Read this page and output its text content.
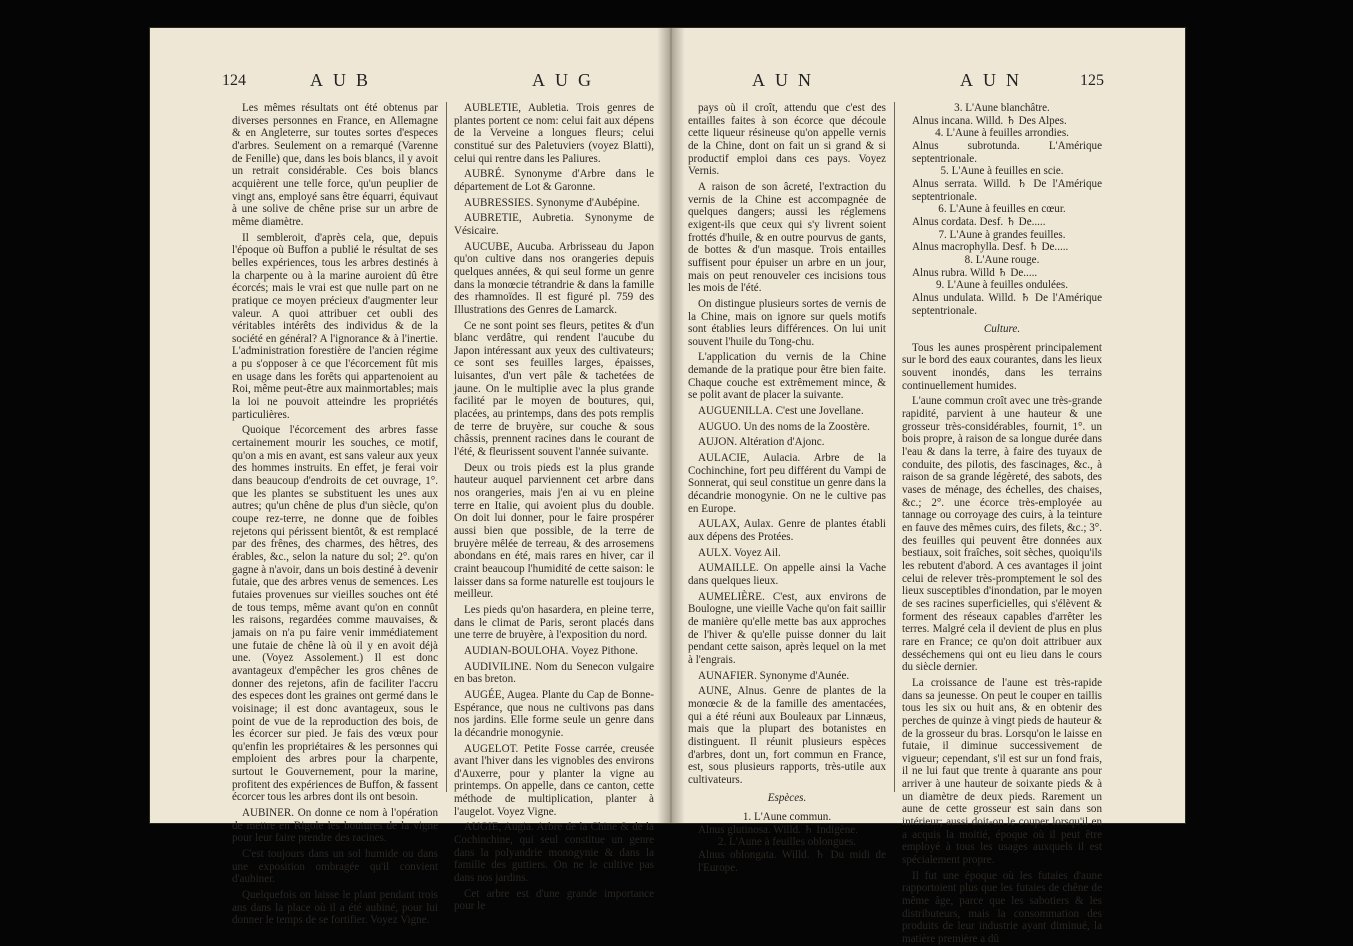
124	AUB	AUG

Les mêmes résultats ont été obtenus par diverses personnes en France, en Allemagne & en Angleterre, sur toutes sortes d'especes d'arbres. Seulement on a remarqué (Varenne de Fenille) que, dans les bois blancs, il y avoit un retrait considérable. Ces bois blancs acquièrent une telle force, qu'un peuplier de vingt ans, employé sans être équarri, équivaut à une solive de chêne prise sur un arbre de même diamètre.

Il sembleroit, d'après cela, que, depuis l'époque où Buffon a publié le résultat de ses belles expériences, tous les arbres destinés à la charpente ou à la marine auroient dû être écorcés; mais le vrai est que nulle part on ne pratique ce moyen précieux d'augmenter leur valeur. A quoi attribuer cet oubli des véritables intérêts des individus & de la société en général? A l'ignorance & à l'inertie. L'administration forestière de l'ancien régime a pu s'opposer à ce que l'écorcement fût mis en usage dans les forêts qui appartenoient au Roi, même peut-être aux mainmortables; mais la loi ne pouvoit atteindre les propriétés particulières.

Quoique l'écorcement des arbres fasse certainement mourir les souches, ce motif, qu'on a mis en avant, est sans valeur aux yeux des hommes instruits. En effet, je ferai voir dans beaucoup d'endroits de cet ouvrage, 1°. que les plantes se substituent les unes aux autres; qu'un chêne de plus d'un siècle, qu'on coupe rez-terre, ne donne que de foibles rejetons qui périssent bientôt, & est remplacé par des frênes, des charmes, des hêtres, des érables, &c., selon la nature du sol; 2°. qu'on gagne à n'avoir, dans un bois destiné à devenir futaie, que des arbres venus de semences. Les futaies provenues sur vieilles souches ont été de tous temps, même avant qu'on en connût les raisons, regardées comme mauvaises, & jamais on n'a pu faire venir immédiatement une futaie de chêne là où il y en avoit déjà une. (Voyez Assolement.) Il est donc avantageux d'empêcher les gros chênes de donner des rejetons, afin de faciliter l'accru des especes dont les graines ont germé dans le voisinage; il est donc avantageux, sous le point de vue de la reproduction des bois, de les écorcer sur pied. Je fais des vœux pour qu'enfin les propriétaires & les personnes qui emploient des arbres pour la charpente, surtout le Gouvernement, pour la marine, profitent des expériences de Buffon, & fassent écorcer tous les arbres dont ils ont besoin.

AUBINER. On donne ce nom à l'opération de mettre en Rigole les boutures de la vigne pour leur faire prendre des racines.

C'est toujours dans un sol humide ou dans une exposition ombragée qu'il convient d'aubiner.

Quelquefois on laisse le plant pendant trois ans dans la place où il a été aubiné, pour lui donner le temps de se fortifier. Voyez Vigne.

AUBLETIE, Aubletia. Trois genres de plantes portent ce nom: celui fait aux dépens de la Verveine a longues fleurs; celui constitué sur des Paletuviers (voyez Blatti), celui qui rentre dans les Paliures.

AUBRÉ. Synonyme d'Arbre dans le département de Lot & Garonne.

AUBRESSIES. Synonyme d'Aubépine.

AUBRETIE, Aubretia. Synonyme de Vésicaire.

AUCUBE, Aucuba. Arbrisseau du Japon qu'on cultive dans nos orangeries depuis quelques années, & qui seul forme un genre dans la monœcie tétrandrie & dans la famille des rhamnoïdes. Il est figuré pl. 759 des Illustrations des Genres de Lamarck.

Ce ne sont point ses fleurs, petites & d'un blanc verdâtre, qui rendent l'aucube du Japon intéressant aux yeux des cultivateurs; ce sont ses feuilles larges, épaisses, luisantes, d'un vert pâle & tachetées de jaune. On le multiplie avec la plus grande facilité par le moyen de boutures, qui, placées, au printemps, dans des pots remplis de terre de bruyère, sur couche & sous châssis, prennent racines dans le courant de l'été, & fleurissent souvent l'année suivante.

Deux ou trois pieds est la plus grande hauteur auquel parviennent cet arbre dans nos orangeries, mais j'en ai vu en pleine terre en Italie, qui avoient plus du double. On doit lui donner, pour le faire prospérer aussi bien que possible, de la terre de bruyère mêlée de terreau, & des arrosemens abondans en été, mais rares en hiver, car il craint beaucoup l'humidité de cette saison: le laisser dans sa forme naturelle est toujours le meilleur.

Les pieds qu'on hasardera, en pleine terre, dans le climat de Paris, seront placés dans une terre de bruyère, à l'exposition du nord.

AUDIAN-BOULOHA. Voyez Pithone.

AUDIVILINE. Nom du Senecon vulgaire en bas breton.

AUGÉE, Augea. Plante du Cap de Bonne-Espérance, que nous ne cultivons pas dans nos jardins. Elle forme seule un genre dans la décandrie monogynie.

AUGELOT. Petite Fosse carrée, creusée avant l'hiver dans les vignobles des environs d'Auxerre, pour y planter la vigne au printemps. On appelle, dans ce canton, cette méthode de multiplication, planter à l'augelot. Voyez Vigne.

AUGIE, Augia. Arbre de la Chine & de la Cochinchine, qui seul constitue un genre dans la polyandrie monogynie & dans la famille des guttiers. On ne le cultive pas dans nos jardins.

Cet arbre est d'une grande importance pour le

AUN	AUN	125

pays où il croît, attendu que c'est des entailles faites à son écorce que découle cette liqueur résineuse qu'on appelle vernis de la Chine, dont on fait un si grand & si productif emploi dans ces pays. Voyez Vernis.

A raison de son âcreté, l'extraction du vernis de la Chine est accompagnée de quelques dangers; aussi les réglemens exigent-ils que ceux qui s'y livrent soient frottés d'huile, & en outre pourvus de gants, de bottes & d'un masque. Trois entailles suffisent pour épuiser un arbre en un jour, mais on peut renouveler ces incisions tous les mois de l'été.

On distingue plusieurs sortes de vernis de la Chine, mais on ignore sur quels motifs sont établies leurs différences. On lui unit souvent l'huile du Tong-chu.

L'application du vernis de la Chine demande de la pratique pour être bien faite. Chaque couche est extrêmement mince, & se polit avant de placer la suivante.

AUGUENILLA. C'est une Jovellane.

AUGUO. Un des noms de la Zoostère.

AUJON. Altération d'Ajonc.

AULACIE, Aulacia. Arbre de la Cochinchine, fort peu différent du Vampi de Sonnerat, qui seul constitue un genre dans la décandrie monogynie. On ne le cultive pas en Europe.

AULAX, Aulax. Genre de plantes établi aux dépens des Protées.

AULX. Voyez Ail.

AUMAILLE. On appelle ainsi la Vache dans quelques lieux.

AUMELIÈRE. C'est, aux environs de Boulogne, une vieille Vache qu'on fait saillir de manière qu'elle mette bas aux approches de l'hiver & qu'elle puisse donner du lait pendant cette saison, après lequel on la met à l'engrais.

AUNAFIER. Synonyme d'Aunée.

AUNE, Alnus. Genre de plantes de la monœcie & de la famille des amentacées, qui a été réuni aux Bouleaux par Linnæus, mais que la plupart des botanistes en distinguent. Il réunit plusieurs espèces d'arbres, dont un, fort commun en France, est, sous plusieurs rapports, très-utile aux cultivateurs.

Espèces.

1. L'Aune commun.

Alnus glutinosa. Willd. ♄ Indigène.

2. L'Aune à feuilles oblongues.

Alnus oblongata. Willd. ♄ Du midi de l'Europe.

3. L'Aune blanchâtre.

Alnus incana. Willd. ♄ Des Alpes.

4. L'Aune à feuilles arrondies.

Alnus subrotunda. L'Amérique septentrionale.

5. L'Aune à feuilles en scie.

Alnus serrata. Willd. ♄ De l'Amérique septentrionale.

6. L'Aune à feuilles en cœur.

Alnus cordata. Desf. ♄ De.....

7. L'Aune à grandes feuilles.

Alnus macrophylla. Desf. ♄ De.....

8. L'Aune rouge.

Alnus rubra. Willd ♄ De.....

9. L'Aune à feuilles ondulées.

Alnus undulata. Willd. ♄ De l'Amérique septentrionale.

Culture.

Tous les aunes prospèrent principalement sur le bord des eaux courantes, dans les lieux souvent inondés, dans les terrains continuellement humides.

L'aune commun croît avec une très-grande rapidité, parvient à une hauteur & une grosseur très-considérables, fournit, 1°. un bois propre, à raison de sa longue durée dans l'eau & dans la terre, à faire des tuyaux de conduite, des pilotis, des fascinages, &c., à raison de sa grande légèreté, des sabots, des vases de ménage, des échelles, des chaises, &c.; 2°. une écorce très-employée au tannage ou corroyage des cuirs, à la teinture en fauve des mêmes cuirs, des filets, &c.; 3°. des feuilles qui peuvent être données aux bestiaux, soit fraîches, soit sèches, quoiqu'ils les rebutent d'abord. A ces avantages il joint celui de relever très-promptement le sol des lieux susceptibles d'inondation, par le moyen de ses racines superficielles, qui s'élèvent & forment des réseaux capables d'arrêter les terres. Malgré cela il devient de plus en plus rare en France; ce qu'on doit attribuer aux desséchemens qui ont eu lieu dans le cours du siècle dernier.

La croissance de l'aune est très-rapide dans sa jeunesse. On peut le couper en taillis tous les six ou huit ans, & en obtenir des perches de quinze à vingt pieds de hauteur & de la grosseur du bras. Lorsqu'on le laisse en futaie, il diminue successivement de vigueur; cependant, s'il est sur un fond frais, il ne lui faut que trente à quarante ans pour arriver à une hauteur de soixante pieds & à un diamètre de deux pieds. Rarement un aune de cette grosseur est sain dans son intérieur; aussi doit-on le couper lorsqu'il en a acquis la moitié, époque où il peut être employé à tous les usages auxquels il est spécialement propre.

Il fut une époque où les futaies d'aune rapportoient plus que les futaies de chêne de même âge, parce que les sabotiers & les distributeurs, mais la consommation des produits de leur industrie ayant diminué, la matière première a dû
